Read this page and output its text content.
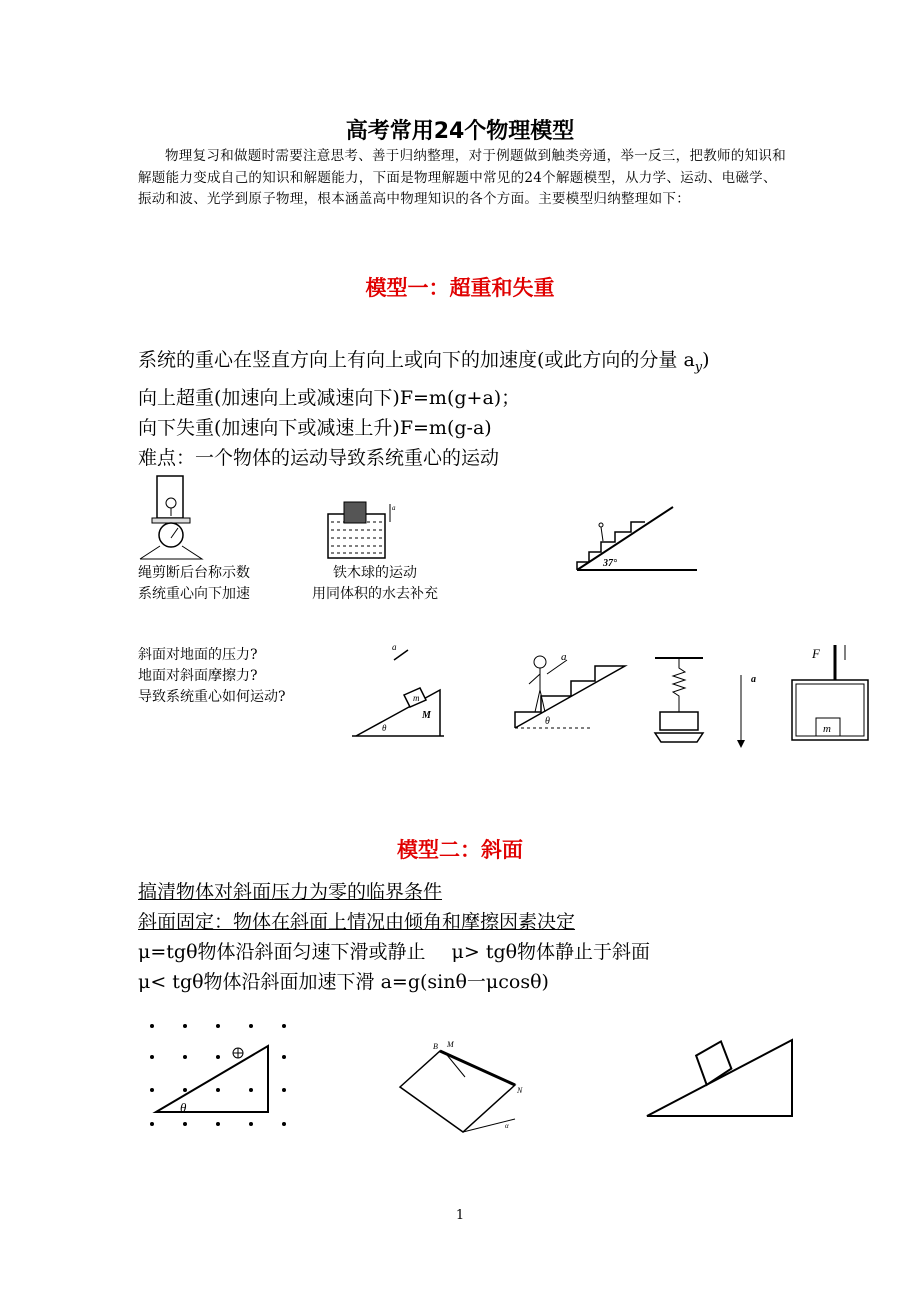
高考常用24个物理模型
物理复习和做题时需要注意思考、善于归纳整理，对于例题做到触类旁通，举一反三，把教师的知识和解题能力变成自己的知识和解题能力，下面是物理解题中常见的24个解题模型，从力学、运动、电磁学、振动和波、光学到原子物理，根本涵盖高中物理知识的各个方面。主要模型归纳整理如下：
模型一：超重和失重
系统的重心在竖直方向上有向上或向下的加速度(或此方向的分量 $a_y$)
向上超重(加速向上或减速向下)F=m(g+a)；
向下失重(加速向下或减速上升)F=m(g-a)
难点：一个物体的运动导致系统重心的运动
绳剪断后台称示数
系统重心向下加速
a
铁木球的运动
用同体积的水去补充
37°
斜面对地面的压力?
地面对斜面摩擦力?
导致系统重心如何运动?	m
M
θ
a
θ
a
a
F
m
模型二：斜面
搞清物体对斜面压力为零的临界条件
斜面固定：物体在斜面上情况由倾角和摩擦因素决定
μ=tgθ物体沿斜面匀速下滑或静止 μ> tgθ物体静止于斜面
μ< tgθ物体沿斜面加速下滑 a=g(sinθ一μcosθ)
θ
B M
N
α
1
